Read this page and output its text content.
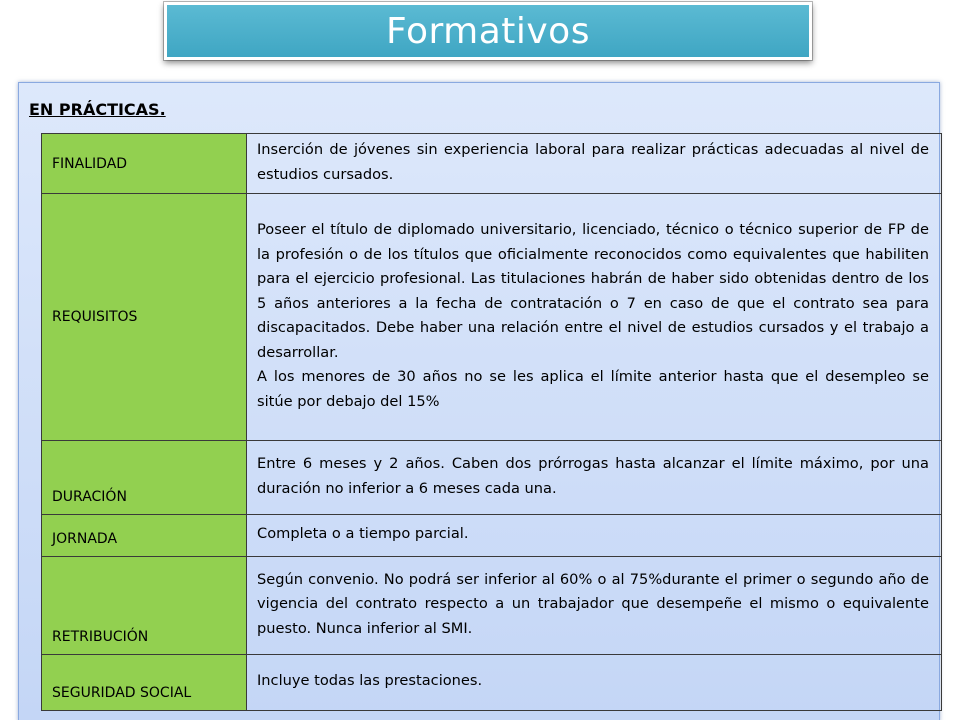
Formativos
EN PRÁCTICAS.
FINALIDAD	Inserción de jóvenes sin experiencia laboral para realizar prácticas adecuadas al nivel de estudios cursados.

REQUISITOS	Poseer el título de diplomado universitario, licenciado, técnico o técnico superior de FP de la profesión o de los títulos que oficialmente reconocidos como equivalentes que habiliten para el ejercicio profesional. Las titulaciones habrán de haber sido obtenidas dentro de los 5 años anteriores a la fecha de contratación o 7 en caso de que el contrato sea para discapacitados. Debe haber una relación entre el nivel de estudios cursados y el trabajo a desarrollar.

A los menores de 30 años no se les aplica el límite anterior hasta que el desempleo se sitúe por debajo del 15%

DURACIÓN	Entre 6 meses y 2 años. Caben dos prórrogas hasta alcanzar el límite máximo, por una duración no inferior a 6 meses cada una.

JORNADA	Completa o a tiempo parcial.

RETRIBUCIÓN	Según convenio. No podrá ser inferior al 60% o al 75%durante el primer o segundo año de vigencia del contrato respecto a un trabajador que desempeñe el mismo o equivalente puesto. Nunca inferior al SMI.

SEGURIDAD SOCIAL	Incluye todas las prestaciones.
